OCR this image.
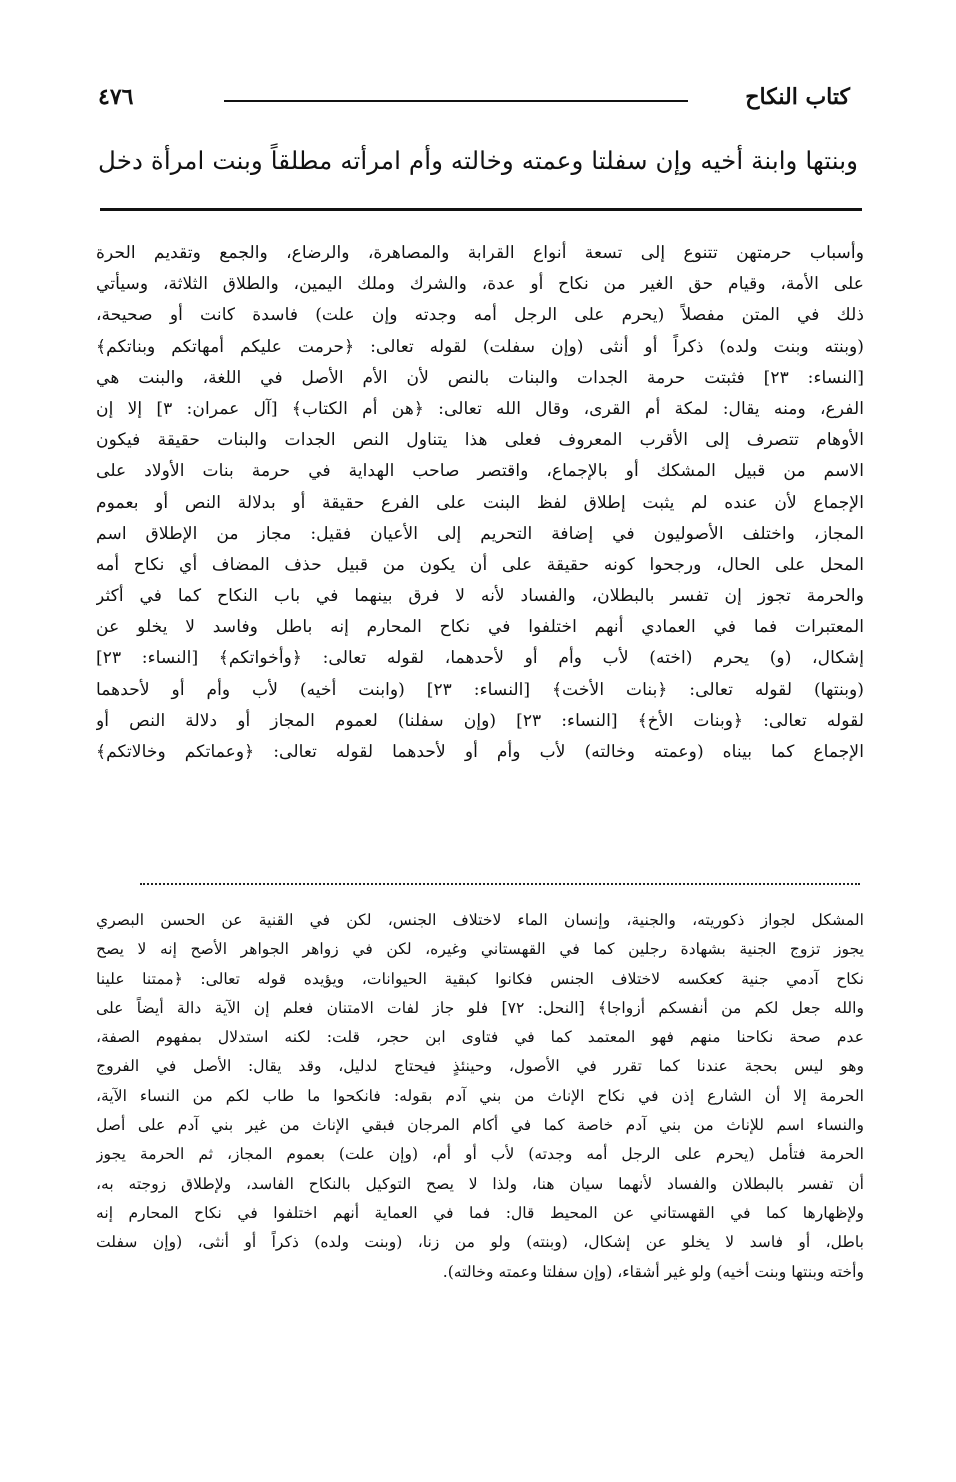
كتاب النكاح
٤٧٦
وبنتها وابنة أخيه وإن سفلتا وعمته وخالته وأم امرأته مطلقاً وبنت امرأة دخل
وأسباب حرمتهن تتنوع إلى تسعة أنواع القرابة والمصاهرة، والرضاع، والجمع وتقديم الحرة
على الأمة، وقيام حق الغير من نكاح أو عدة، والشرك وملك اليمين، والطلاق الثلاثة، وسيأتي
ذلك في المتن مفصلاً (يحرم على الرجل أمه وجدته وإن علت) فاسدة كانت أو صحيحة،
(وبنته وبنت ولده) ذكراً أو أنثى (وإن سفلت) لقوله تعالى: ﴿حرمت عليكم أمهاتكم وبناتكم﴾
[النساء: ٢٣] فثبتت حرمة الجدات والبنات بالنص لأن الأم الأصل في اللغة، والبنت هي
الفرع، ومنه يقال: لمكة أم القرى، وقال الله تعالى: ﴿هن أم الكتاب﴾ [آل عمران: ٣] إلا إن
الأوهام تتصرف إلى الأقرب المعروف فعلى هذا يتناول النص الجدات والبنات حقيقة فيكون
الاسم من قبيل المشكك أو بالإجماع، واقتصر صاحب الهداية في حرمة بنات الأولاد على
الإجماع لأن عنده لم يثبت إطلاق لفظ البنت على الفرع حقيقة أو بدلالة النص أو بعموم
المجاز، واختلف الأصوليون في إضافة التحريم إلى الأعيان فقيل: مجاز من الإطلاق اسم
المحل على الحال، ورجحوا كونه حقيقة على أن يكون من قبيل حذف المضاف أي نكاح أمه
والحرمة تجوز إن تفسر بالبطلان، والفساد لأنه لا فرق بينهما في باب النكاح كما في أكثر
المعتبرات فما في العمادي أنهم اختلفوا في نكاح المحارم إنه باطل وفاسد لا يخلو عن
إشكال، (و) يحرم (اخته) لأب وأم أو لأحدهما، لقوله تعالى: ﴿وأخواتكم﴾ [النساء: ٢٣]
(وبنتها) لقوله تعالى: ﴿بنات الأخت﴾ [النساء: ٢٣] (وابنت أخيه) لأب وأم أو لأحدهما
لقوله تعالى: ﴿وبنات الأخ﴾ [النساء: ٢٣] (وإن سفلنا) لعموم المجاز أو دلالة النص أو
الإجماع كما بيناه (وعمته وخالته) لأب وأم أو لأحدهما لقوله تعالى: ﴿وعماتكم وخالاتكم﴾
المشكل لجواز ذكوريته، والجنية، وإنسان الماء لاختلاف الجنس، لكن في القنية عن الحسن البصري
يجوز تزوج الجنية بشهادة رجلين كما في القهستاني وغيره، لكن في زواهر الجواهر الأصح إنه لا يصح
نكاح آدمي جنية كعكسه لاختلاف الجنس فكانوا كبقية الحيوانات، ويؤيده قوله تعالى: ﴿ممتنا علينا
والله جعل لكم من أنفسكم أزواجا﴾ [النحل: ٧٢] فلو جاز لفات الامتنان فعلم إن الآية دالة أيضاً على
عدم صحة نكاحنا منهم فهو المعتمد كما في فتاوى ابن حجر، قلت: لكنه استدلال بمفهوم الصفة،
وهو ليس بحجة عندنا كما تقرر في الأصول، وحينئذٍ فيحتاج لدليل، وقد يقال: الأصل في الفروج
الحرمة إلا أن الشارع إذن في نكاح الإناث من بني آدم بقوله: فانكحوا ما طاب لكم من النساء الآية،
والنساء اسم للإناث من بني آدم خاصة كما في أكام المرجان فبقي الإناث من غير بني آدم على أصل
الحرمة فتأمل (يحرم على الرجل أمه وجدته) لأب أو أم، (وإن علت) بعموم المجاز، ثم الحرمة يجوز
أن تفسر بالبطلان والفساد لأنهما سيان هنا، ولذا لا يصح التوكيل بالنكاح الفاسد، ولإطلاق زوجته به،
ولإظهارها كما في القهستاني عن المحيط قال: فما في العماية أنهم اختلفوا في نكاح المحارم إنه
باطل، أو فاسد لا يخلو عن إشكال، (وبنته) ولو من زنا، (وبنت ولده) ذكراً أو أنثى، (وإن سفلت
وأخته وبنتها وبنت أخيه) ولو غير أشقاء، (وإن سفلتا وعمته وخالته).
